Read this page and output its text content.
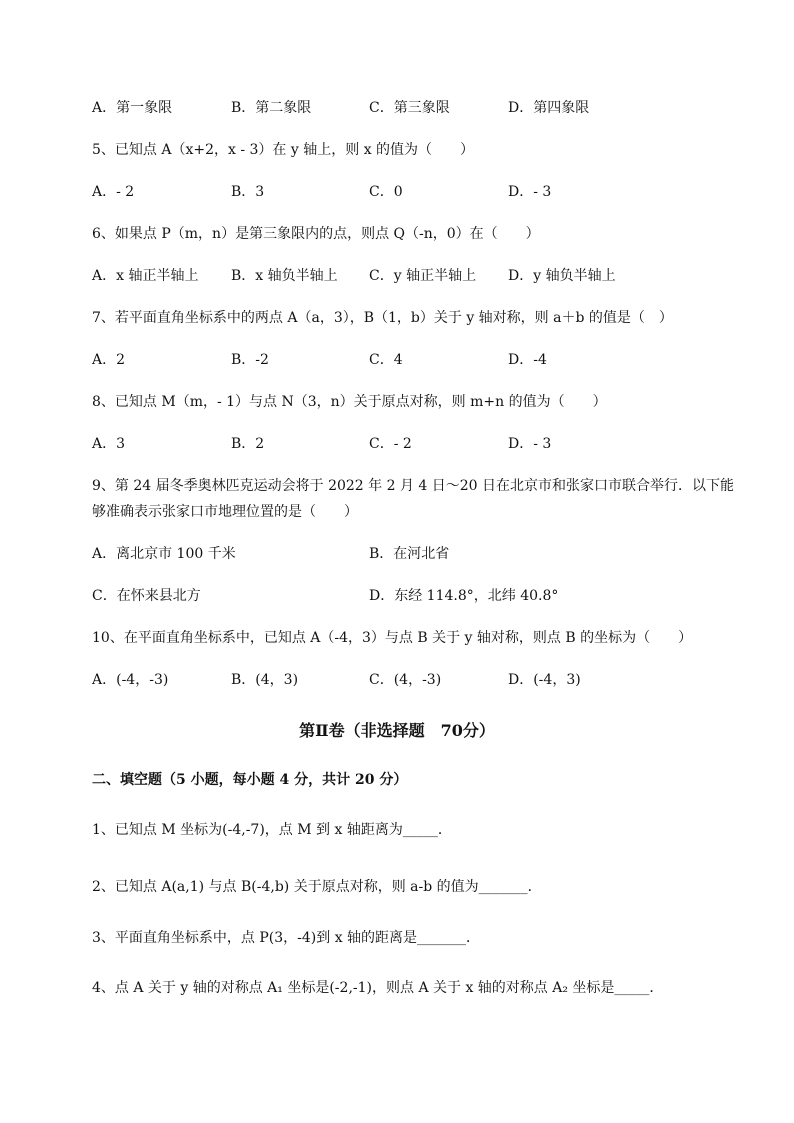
A．第一象限	B．第二象限	C．第三象限	D．第四象限
5、已知点 A（x+2，x - 3）在 y 轴上，则 x 的值为（　　）
A．- 2	B．3	C．0	D．- 3
6、如果点 P（m，n）是第三象限内的点，则点 Q（-n，0）在（　　）
A．x 轴正半轴上 B．x 轴负半轴上 C．y 轴正半轴上 D．y 轴负半轴上
7、若平面直角坐标系中的两点 A（a，3），B（1，b）关于 y 轴对称，则 a＋b 的值是（　）
A．2	B．-2	C．4	D．-4
8、已知点 M（m，- 1）与点 N（3，n）关于原点对称，则 m+n 的值为（　　）
A．3	B．2	C．- 2	D．- 3
9、第 24 届冬季奥林匹克运动会将于 2022 年 2 月 4 日～20 日在北京市和张家口市联合举行．以下能
够准确表示张家口市地理位置的是（　　）
A．离北京市 100 千米	B．在河北省
C．在怀来县北方	D．东经 114.8°，北纬 40.8°
10、在平面直角坐标系中，已知点 A（-4，3）与点 B 关于 y 轴对称，则点 B 的坐标为（　　）
A．(-4，-3)	B．(4，3)	C．(4，-3)	D．(-4，3)
第Ⅱ卷（非选择题　70分）
二、填空题（5 小题，每小题 4 分，共计 20 分）
1、已知点 M 坐标为(-4,-7)，点 M 到 x 轴距离为_____．
2、已知点 A(a,1) 与点 B(-4,b) 关于原点对称，则 a-b 的值为_______．
3、平面直角坐标系中，点 P(3，-4)到 x 轴的距离是_______．
4、点 A 关于 y 轴的对称点 A₁ 坐标是(-2,-1)，则点 A 关于 x 轴的对称点 A₂ 坐标是_____．
